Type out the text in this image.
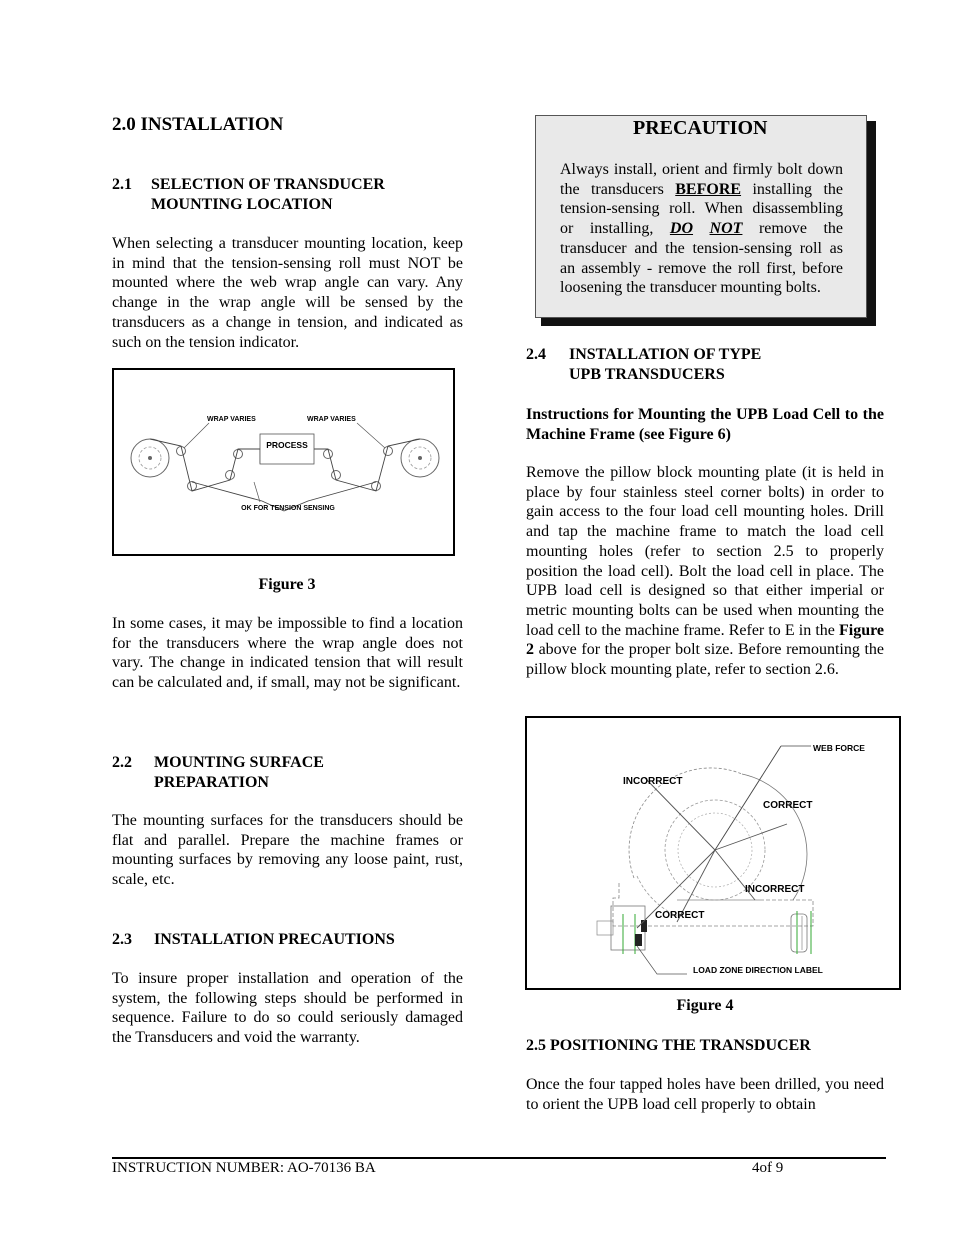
2.0 INSTALLATION
2.1 SELECTION OF TRANSDUCER
MOUNTING LOCATION
When selecting a transducer mounting location, keep in mind that the tension-sensing roll must NOT be mounted where the web wrap angle can vary. Any change in the wrap angle will be sensed by the transducers as a change in tension, and indicated as such on the tension indicator.
PROCESS
WRAP VARIES	WRAP VARIES
OK FOR TENSION SENSING
Figure 3
In some cases, it may be impossible to find a location for the transducers where the wrap angle does not vary. The change in indicated tension that will result can be calculated and, if small, may not be significant.
2.2 MOUNTING SURFACE
PREPARATION
The mounting surfaces for the transducers should be flat and parallel. Prepare the machine frames or mounting surfaces by removing any loose paint, rust, scale, etc.
2.3 INSTALLATION PRECAUTIONS
To insure proper installation and operation of the system, the following steps should be performed in sequence. Failure to do so could seriously damaged the Transducers and void the warranty.
PRECAUTION
Always install, orient and firmly bolt down the transducers BEFORE installing the tension-sensing roll. When disassembling or installing, DO NOT remove the transducer and the tension-sensing roll as an assembly - remove the roll first, before loosening the transducer mounting bolts.
2.4 INSTALLATION OF TYPE
UPB TRANSDUCERS
Instructions for Mounting the UPB Load Cell to the Machine Frame (see Figure 6)
Remove the pillow block mounting plate (it is held in place by four stainless steel corner bolts) in order to gain access to the four load cell mounting holes. Drill and tap the machine frame to match the load cell mounting holes (refer to section 2.5 to properly position the load cell). Bolt the load cell in place. The UPB load cell is designed so that either imperial or metric mounting bolts can be used when mounting the load cell to the machine frame. Refer to E in the Figure 2 above for the proper bolt size. Before remounting the pillow block mounting plate, refer to section 2.6.
WEB FORCE
INCORRECT
CORRECT
INCORRECT
CORRECT
LOAD ZONE DIRECTION LABEL
Figure 4
2.5 POSITIONING THE TRANSDUCER
Once the four tapped holes have been drilled, you need to orient the UPB load cell properly to obtain
INSTRUCTION NUMBER: AO-70136 BA	4of 9
